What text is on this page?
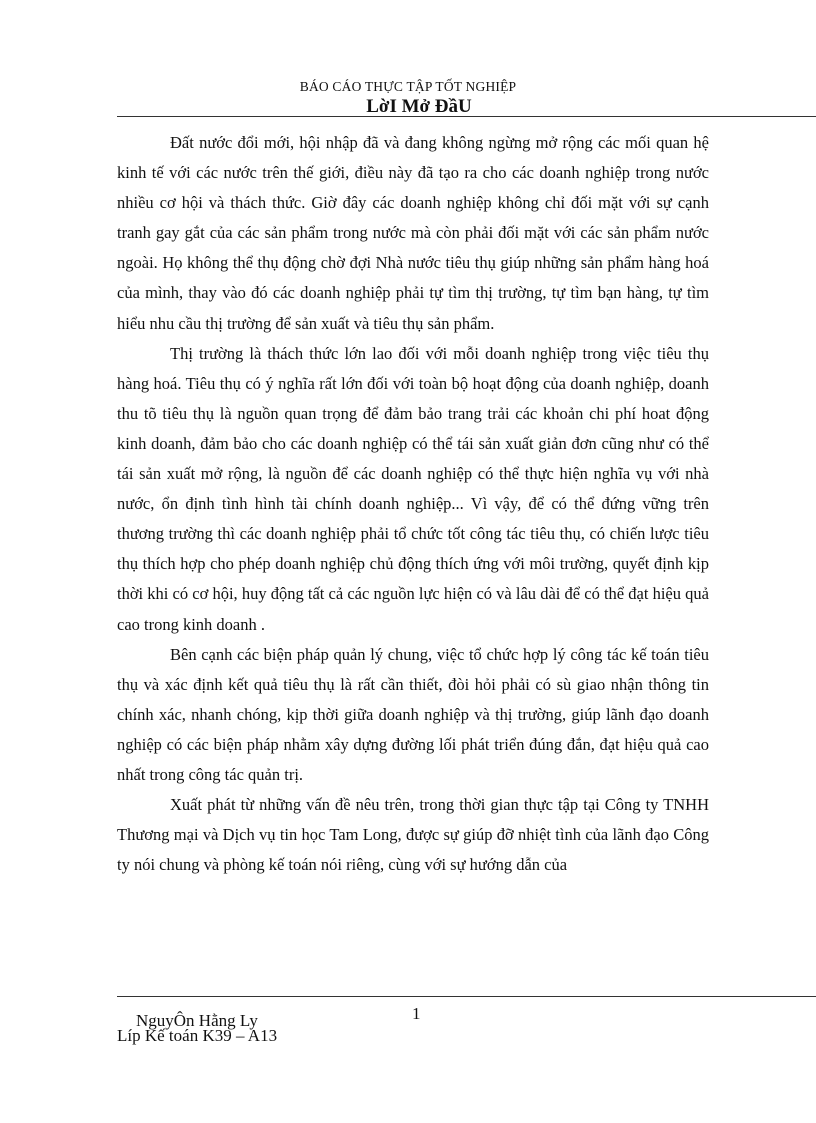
BÁO CÁO THỰC TẬP TỐT NGHIỆP
LờI Mở ĐầU

Đất nước đổi mới, hội nhập đã và đang không ngừng mở rộng các mối quan hệ kinh tế với các nước trên thế giới, điều này đã tạo ra cho các doanh nghiệp trong nước nhiều cơ hội và thách thức. Giờ đây các doanh nghiệp không chỉ đối mặt với sự cạnh tranh gay gắt của các sản phẩm trong nước mà còn phải đối mặt với các sản phẩm nước ngoài. Họ không thể thụ động chờ đợi Nhà nước tiêu thụ giúp những sản phẩm hàng hoá của mình, thay vào đó các doanh nghiệp phải tự tìm thị trường, tự tìm bạn hàng, tự tìm hiểu nhu cầu thị trường để sản xuất và tiêu thụ sản phẩm.

Thị trường là thách thức lớn lao đối với mỗi doanh nghiệp trong việc tiêu thụ hàng hoá. Tiêu thụ có ý nghĩa rất lớn đối với toàn bộ hoạt động của doanh nghiệp, doanh thu tõ tiêu thụ là nguồn quan trọng để đảm bảo trang trải các khoản chi phí hoat động kinh doanh, đảm bảo cho các doanh nghiệp có thể tái sản xuất giản đơn cũng như có thể tái sản xuất mở rộng, là nguồn để các doanh nghiệp có thể thực hiện nghĩa vụ với nhà nước, ổn định tình hình tài chính doanh nghiệp... Vì vậy, để có thể đứng vững trên thương trường thì các doanh nghiệp phải tổ chức tốt công tác tiêu thụ, có chiến lược tiêu thụ thích hợp cho phép doanh nghiệp chủ động thích ứng với môi trường, quyết định kịp thời khi có cơ hội, huy động tất cả các nguồn lực hiện có và lâu dài để có thể đạt hiệu quả cao trong kinh doanh .

Bên cạnh các biện pháp quản lý chung, việc tổ chức hợp lý công tác kế toán tiêu thụ và xác định kết quả tiêu thụ là rất cần thiết, đòi hỏi phải có sù giao nhận thông tin chính xác, nhanh chóng, kịp thời giữa doanh nghiệp và thị trường, giúp lãnh đạo doanh nghiệp có các biện pháp nhằm xây dựng đường lối phát triển đúng đắn, đạt hiệu quả cao nhất trong công tác quản trị.

Xuất phát từ những vấn đề nêu trên, trong thời gian thực tập tại Công ty TNHH Thương mại và Dịch vụ tin học Tam Long, được sự giúp đỡ nhiệt tình của lãnh đạo Công ty nói chung và phòng kế toán nói riêng, cùng với sự hướng dẫn của

1
NguyÔn Hằng Ly
Líp Kế toán K39 – A13
